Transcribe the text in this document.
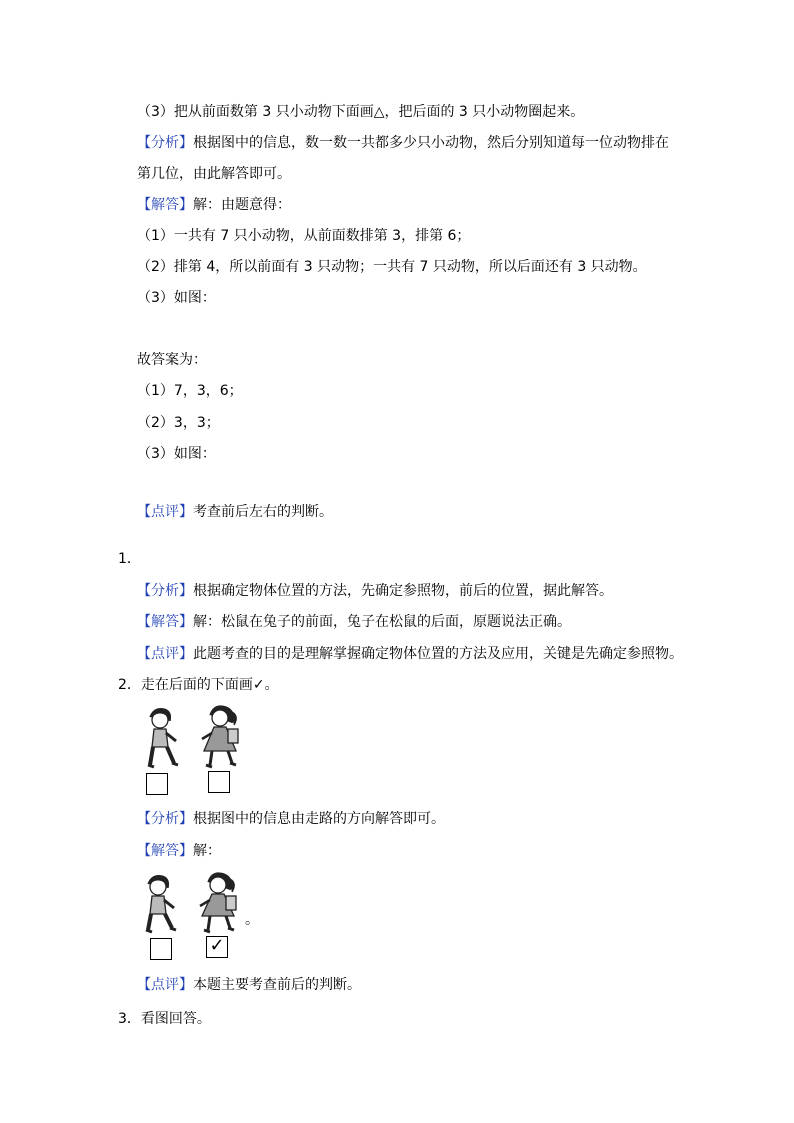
（3）把从前面数第 3 只小动物下面画△，把后面的 3 只小动物圈起来。
【分析】根据图中的信息，数一数一共都多少只小动物，然后分别知道每一位动物排在
第几位，由此解答即可。
【解答】解：由题意得：
（1）一共有 7 只小动物，从前面数排第 3，排第 6；
（2）排第 4，所以前面有 3 只动物；一共有 7 只动物，所以后面还有 3 只动物。
（3）如图：
故答案为：
（1）7，3，6；
（2）3，3；
（3）如图：
【点评】考查前后左右的判断。
1．
【分析】根据确定物体位置的方法，先确定参照物，前后的位置，据此解答。
【解答】解：松鼠在兔子的前面，兔子在松鼠的后面，原题说法正确。
【点评】此题考查的目的是理解掌握确定物体位置的方法及应用，关键是先确定参照物。
2．走在后面的下面画✓。
【分析】根据图中的信息由走路的方向解答即可。
【解答】解：
✓
。
【点评】本题主要考查前后的判断。
3．看图回答。
